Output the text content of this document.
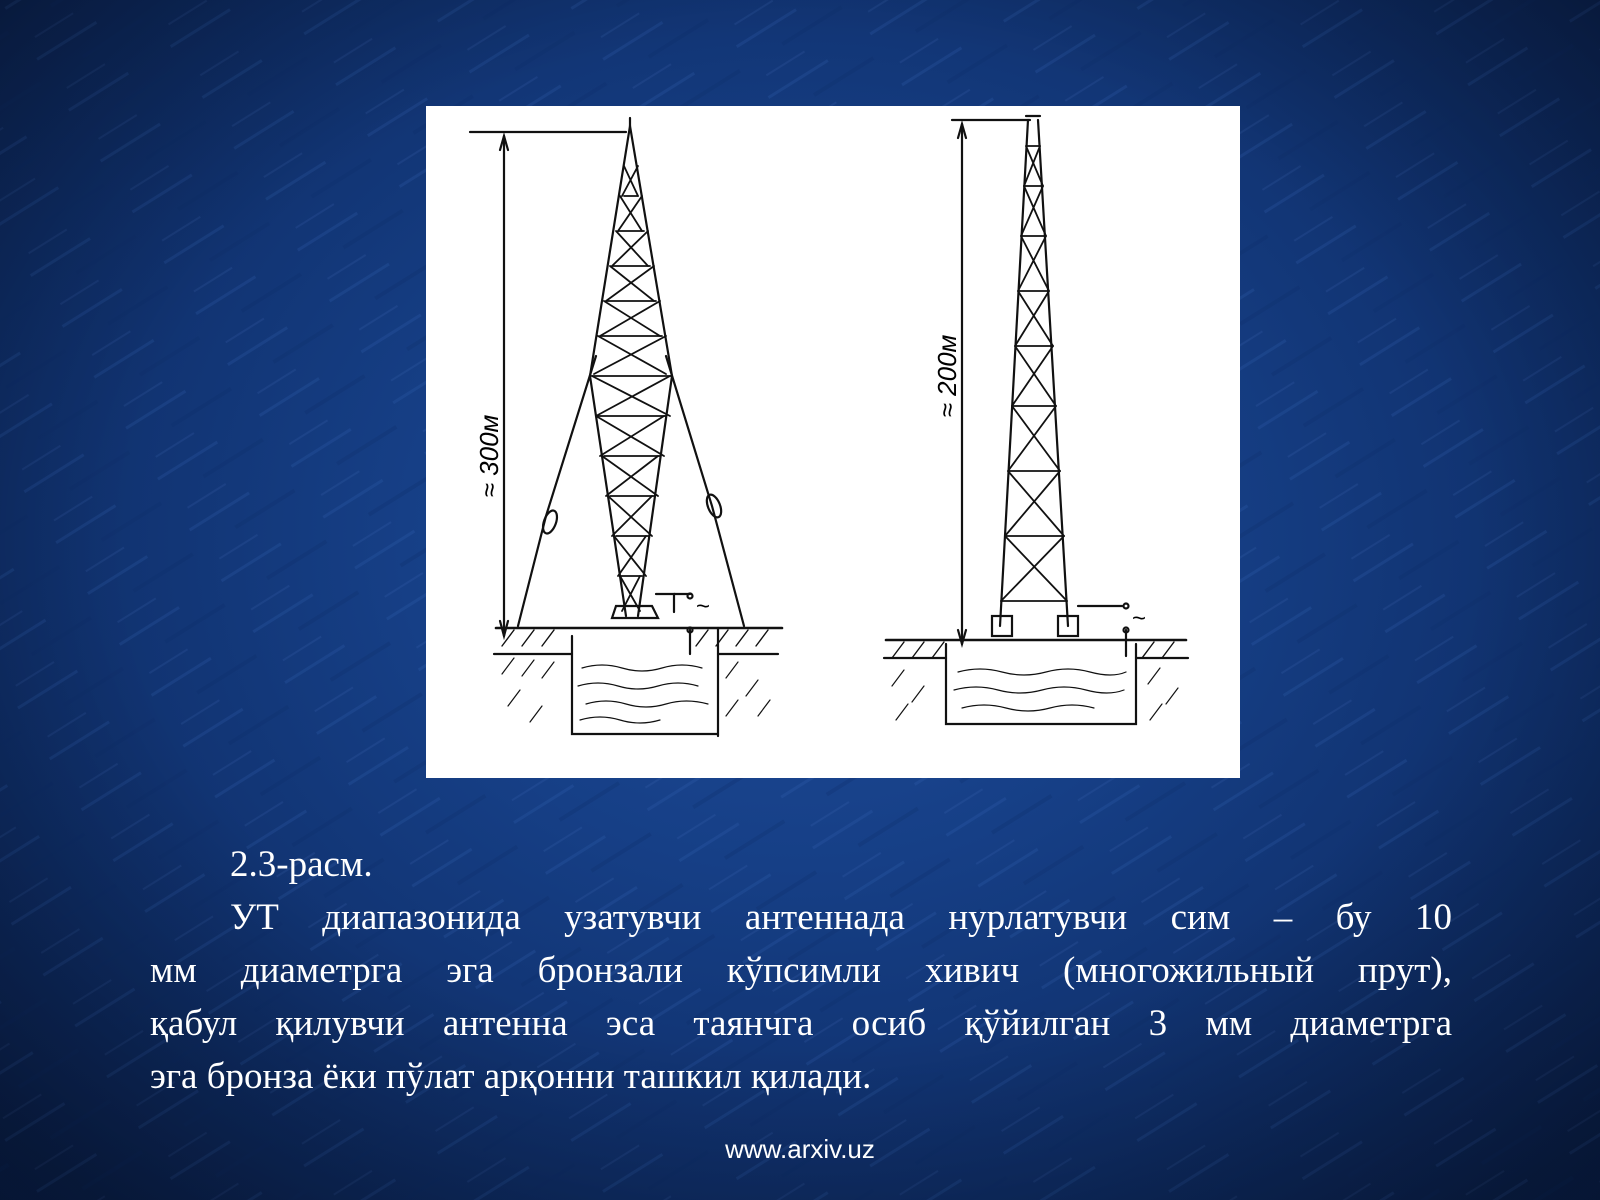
≈ 300м
≈ 200м
~	~

2.3-расм.

УТ диапазонида узатувчи антеннада нурлатувчи сим – бу 10

мм диаметрга эга бронзали кўпсимли хивич (многожильный прут),

қабул қилувчи антенна эса таянчга осиб қўйилган 3 мм диаметрга

эга бронза ёки пўлат арқонни ташкил қилади.

www.arxiv.uz
